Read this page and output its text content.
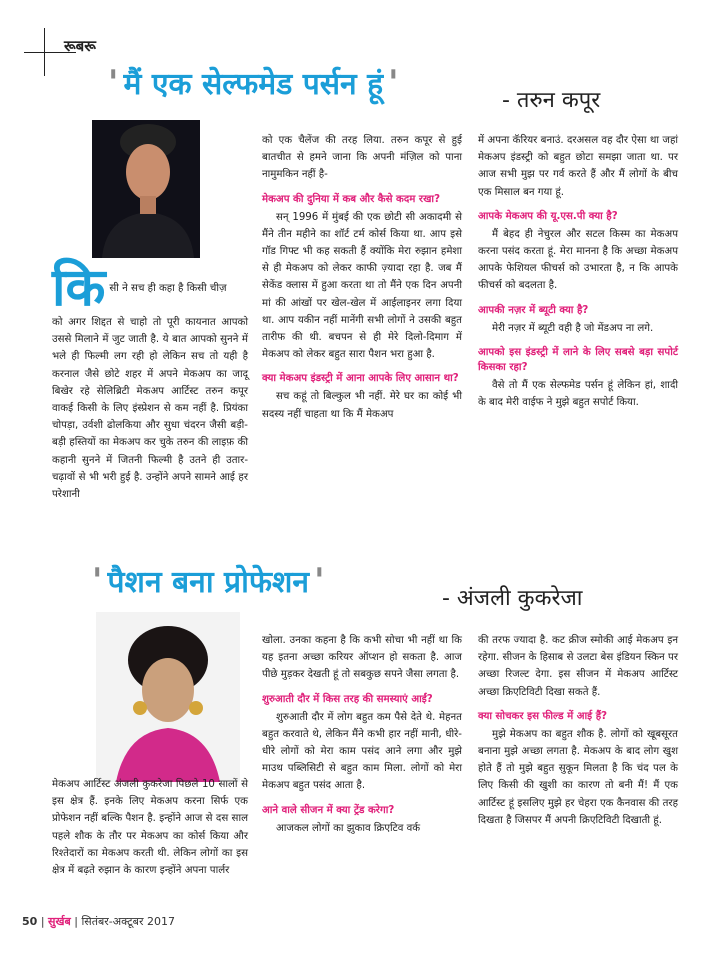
रूबरू
' मैं एक सेल्फमेड पर्सन हूं '	- तरुन कपूर
कि सी ने सच ही कहा है किसी चीज़

को अगर शिद्दत से चाहो तो पूरी कायनात आपको उससे मिलाने में जुट जाती है. ये बात आपको सुनने में भले ही फिल्मी लग रही हो लेकिन सच तो यही है करनाल जैसे छोटे शहर में अपने मेकअप का जादू बिखेर रहे सेलिब्रिटी मेकअप आर्टिस्ट तरुन कपूर वाकई किसी के लिए इंस्प्रेशन से कम नहीं है. प्रियंका चोपड़ा, उर्वशी ढोलकिया और सुधा चंदरन जैसी बड़ी-बड़ी हस्तियों का मेकअप कर चुके तरुन की लाइफ़ की कहानी सुनने में जितनी फिल्मी है उतने ही उतार-चढ़ावों से भी भरी हुई है. उन्होंने अपने सामने आई हर परेशानी

को एक चैलेंज की तरह लिया. तरुन कपूर से हुई बातचीत से हमने जाना कि अपनी मंज़िल को पाना नामुमकिन नहीं है-

मेकअप की दुनिया में कब और कैसे कदम रखा?

सन् 1996 में मुंबई की एक छोटी सी अकादमी से मैंने तीन महीने का शॉर्ट टर्म कोर्स किया था. आप इसे गॉड गिफ्ट भी कह सकती हैं क्योंकि मेरा रुझान हमेशा से ही मेकअप को लेकर काफी ज़्यादा रहा है. जब मैं सेकेंड क्लास में हुआ करता था तो मैंने एक दिन अपनी मां की आंखों पर खेल-खेल में आईलाइनर लगा दिया था. आप यकीन नहीं मानेंगी सभी लोगों ने उसकी बहुत तारीफ की थी. बचपन से ही मेरे दिलो-दिमाग में मेकअप को लेकर बहुत सारा पैशन भरा हुआ है.

क्या मेकअप इंडस्ट्री में आना आपके लिए आसान था?

सच कहूं तो बिल्कुल भी नहीं. मेरे घर का कोई भी सदस्य नहीं चाहता था कि मैं मेकअप

में अपना कॅरियर बनाउं. दरअसल वह दौर ऐसा था जहां मेकअप इंडस्ट्री को बहुत छोटा समझा जाता था. पर आज सभी मुझ पर गर्व करते हैं और मैं लोगों के बीच एक मिसाल बन गया हूं.

आपके मेकअप की यू.एस.पी क्या है?

मैं बेहद ही नेचुरल और सटल किस्म का मेकअप करना पसंद करता हूं. मेरा मानना है कि अच्छा मेकअप आपके फेशियल फीचर्स को उभारता है, न कि आपके फीचर्स को बदलता है.

आपकी नज़र में ब्यूटी क्या है?

मेरी नज़र में ब्यूटी वही है जो मेंडअप ना लगे.

आपको इस इंडस्ट्री में लाने के लिए सबसे बड़ा सपोर्ट किसका रहा?

वैसे तो मैं एक सेल्फमेड पर्सन हूं लेकिन हां, शादी के बाद मेरी वाईफ ने मुझे बहुत सपोर्ट किया.

' पैशन बना प्रोफेशन '	- अंजली कुकरेजा

मेकअप आर्टिस्ट अंजली कुकरेजा पिछले 10 सालों से इस क्षेत्र हैं. इनके लिए मेकअप करना सिर्फ एक प्रोफेशन नहीं बल्कि पैशन है. इन्होंने आज से दस साल पहले शौक के तौर पर मेकअप का कोर्स किया और रिश्तेदारों का मेकअप करती थी. लेकिन लोगों का इस क्षेत्र में बढ़ते रुझान के कारण इन्होंने अपना पार्लर

खोला. उनका कहना है कि कभी सोचा भी नहीं था कि यह इतना अच्छा करियर ऑप्शन हो सकता है. आज पीछे मुड़कर देखती हूं तो सबकुछ सपने जैसा लगता है.

शुरुआती दौर में किस तरह की समस्याएं आईं?

शुरुआती दौर में लोग बहुत कम पैसे देते थे. मेहनत बहुत करवाते थे, लेकिन मैंने कभी हार नहीं मानी, धीरे-धीरे लोगों को मेरा काम पसंद आने लगा और मुझे माउथ पब्लिसिटी से बहुत काम मिला. लोगों को मेरा मेकअप बहुत पसंद आता है.

आने वाले सीजन में क्या ट्रेंड करेगा?

आजकल लोगों का झुकाव क्रिएटिव वर्क

की तरफ ज्यादा है. कट क्रीज स्मोकी आई मेकअप इन रहेगा. सीजन के हिसाब से उलटा बेस इंडियन स्किन पर अच्छा रिजल्ट देगा. इस सीजन में मेकअप आर्टिस्ट अच्छा क्रिएटिविटी दिखा सकते हैं.

क्या सोचकर इस फील्ड में आई हैं?

मुझे मेकअप का बहुत शौक है. लोगों को खूबसूरत बनाना मुझे अच्छा लगता है. मेकअप के बाद लोग खुश होते हैं तो मुझे बहुत सुकून मिलता है कि चंद पल के लिए किसी की खुशी का कारण तो बनी मैं! मैं एक आर्टिस्ट हूं इसलिए मुझे हर चेहरा एक कैनवास की तरह दिखता है जिसपर मैं अपनी क्रिएटिविटी दिखाती हूं.

50 | सुर्खब | सितंबर-अक्टूबर 2017
